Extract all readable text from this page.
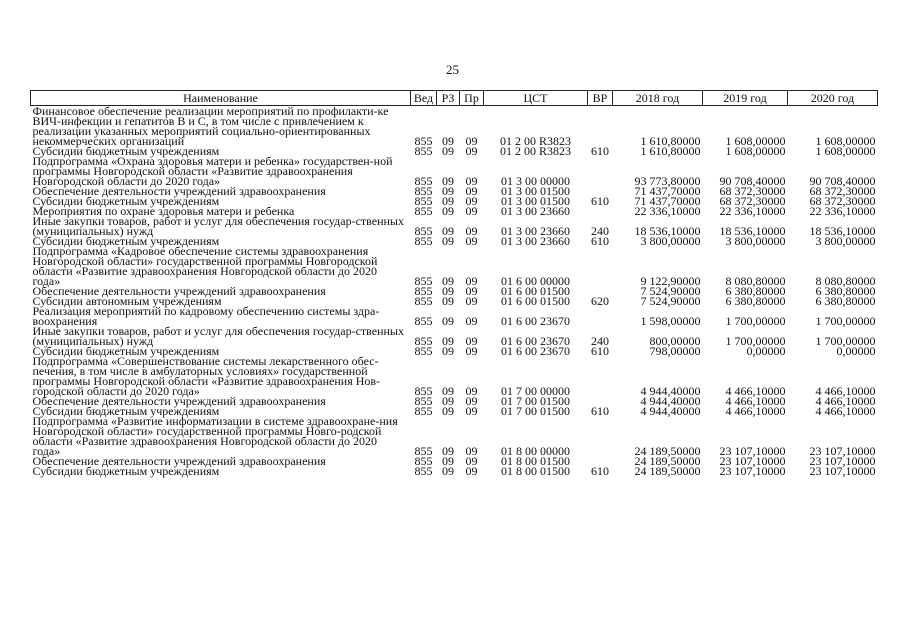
25
Наименование	Вед	РЗ	Пр	ЦСТ	ВР	2018 год	2019 год	2020 год
Финансовое обеспечение реализации мероприятий по профилакти-ке ВИЧ-инфекции и гепатитов В и С, в том числе с привлечением к реализации указанных мероприятий социально-ориентированных некоммерческих организаций	855	09	09	01 2 00 R3823		1 610,80000	1 608,00000	1 608,00000
Субсидии бюджетным учреждениям	855	09	09	01 2 00 R3823	610	1 610,80000	1 608,00000	1 608,00000
Подпрограмма «Охрана здоровья матери и ребенка» государствен-ной программы Новгородской области «Развитие здравоохранения Новгородской области до 2020 года»	855	09	09	01 3 00 00000		93 773,80000	90 708,40000	90 708,40000
Обеспечение деятельности учреждений здравоохранения	855	09	09	01 3 00 01500		71 437,70000	68 372,30000	68 372,30000
Субсидии бюджетным учреждениям	855	09	09	01 3 00 01500	610	71 437,70000	68 372,30000	68 372,30000
Мероприятия по охране здоровья матери и ребенка	855	09	09	01 3 00 23660		22 336,10000	22 336,10000	22 336,10000
Иные закупки товаров, работ и услуг для обеспечения государ-ственных (муниципальных) нужд	855	09	09	01 3 00 23660	240	18 536,10000	18 536,10000	18 536,10000
Субсидии бюджетным учреждениям	855	09	09	01 3 00 23660	610	3 800,00000	3 800,00000	3 800,00000
Подпрограмма «Кадровое обеспечение системы здравоохранения Новгородской области» государственной программы Новгородской области «Развитие здравоохранения Новгородской области до 2020 года»	855	09	09	01 6 00 00000		9 122,90000	8 080,80000	8 080,80000
Обеспечение деятельности учреждений здравоохранения	855	09	09	01 6 00 01500		7 524,90000	6 380,80000	6 380,80000
Субсидии автономным учреждениям	855	09	09	01 6 00 01500	620	7 524,90000	6 380,80000	6 380,80000
Реализация мероприятий по кадровому обеспечению системы здра-воохранения	855	09	09	01 6 00 23670		1 598,00000	1 700,00000	1 700,00000
Иные закупки товаров, работ и услуг для обеспечения государ-ственных (муниципальных) нужд	855	09	09	01 6 00 23670	240	800,00000	1 700,00000	1 700,00000
Субсидии бюджетным учреждениям	855	09	09	01 6 00 23670	610	798,00000	0,00000	0,00000
Подпрограмма «Совершенствование системы лекарственного обес-печения, в том числе в амбулаторных условиях» государственной программы Новгородской области «Развитие здравоохранения Нов-городской области до 2020 года»	855	09	09	01 7 00 00000		4 944,40000	4 466,10000	4 466,10000
Обеспечение деятельности учреждений здравоохранения	855	09	09	01 7 00 01500		4 944,40000	4 466,10000	4 466,10000
Субсидии бюджетным учреждениям	855	09	09	01 7 00 01500	610	4 944,40000	4 466,10000	4 466,10000
Подпрограмма «Развитие информатизации в системе здравоохране-ния Новгородской области» государственной программы Новго-родской области «Развитие здравоохранения Новгородской области до 2020 года»	855	09	09	01 8 00 00000		24 189,50000	23 107,10000	23 107,10000
Обеспечение деятельности учреждений здравоохранения	855	09	09	01 8 00 01500		24 189,50000	23 107,10000	23 107,10000
Субсидии бюджетным учреждениям	855	09	09	01 8 00 01500	610	24 189,50000	23 107,10000	23 107,10000
